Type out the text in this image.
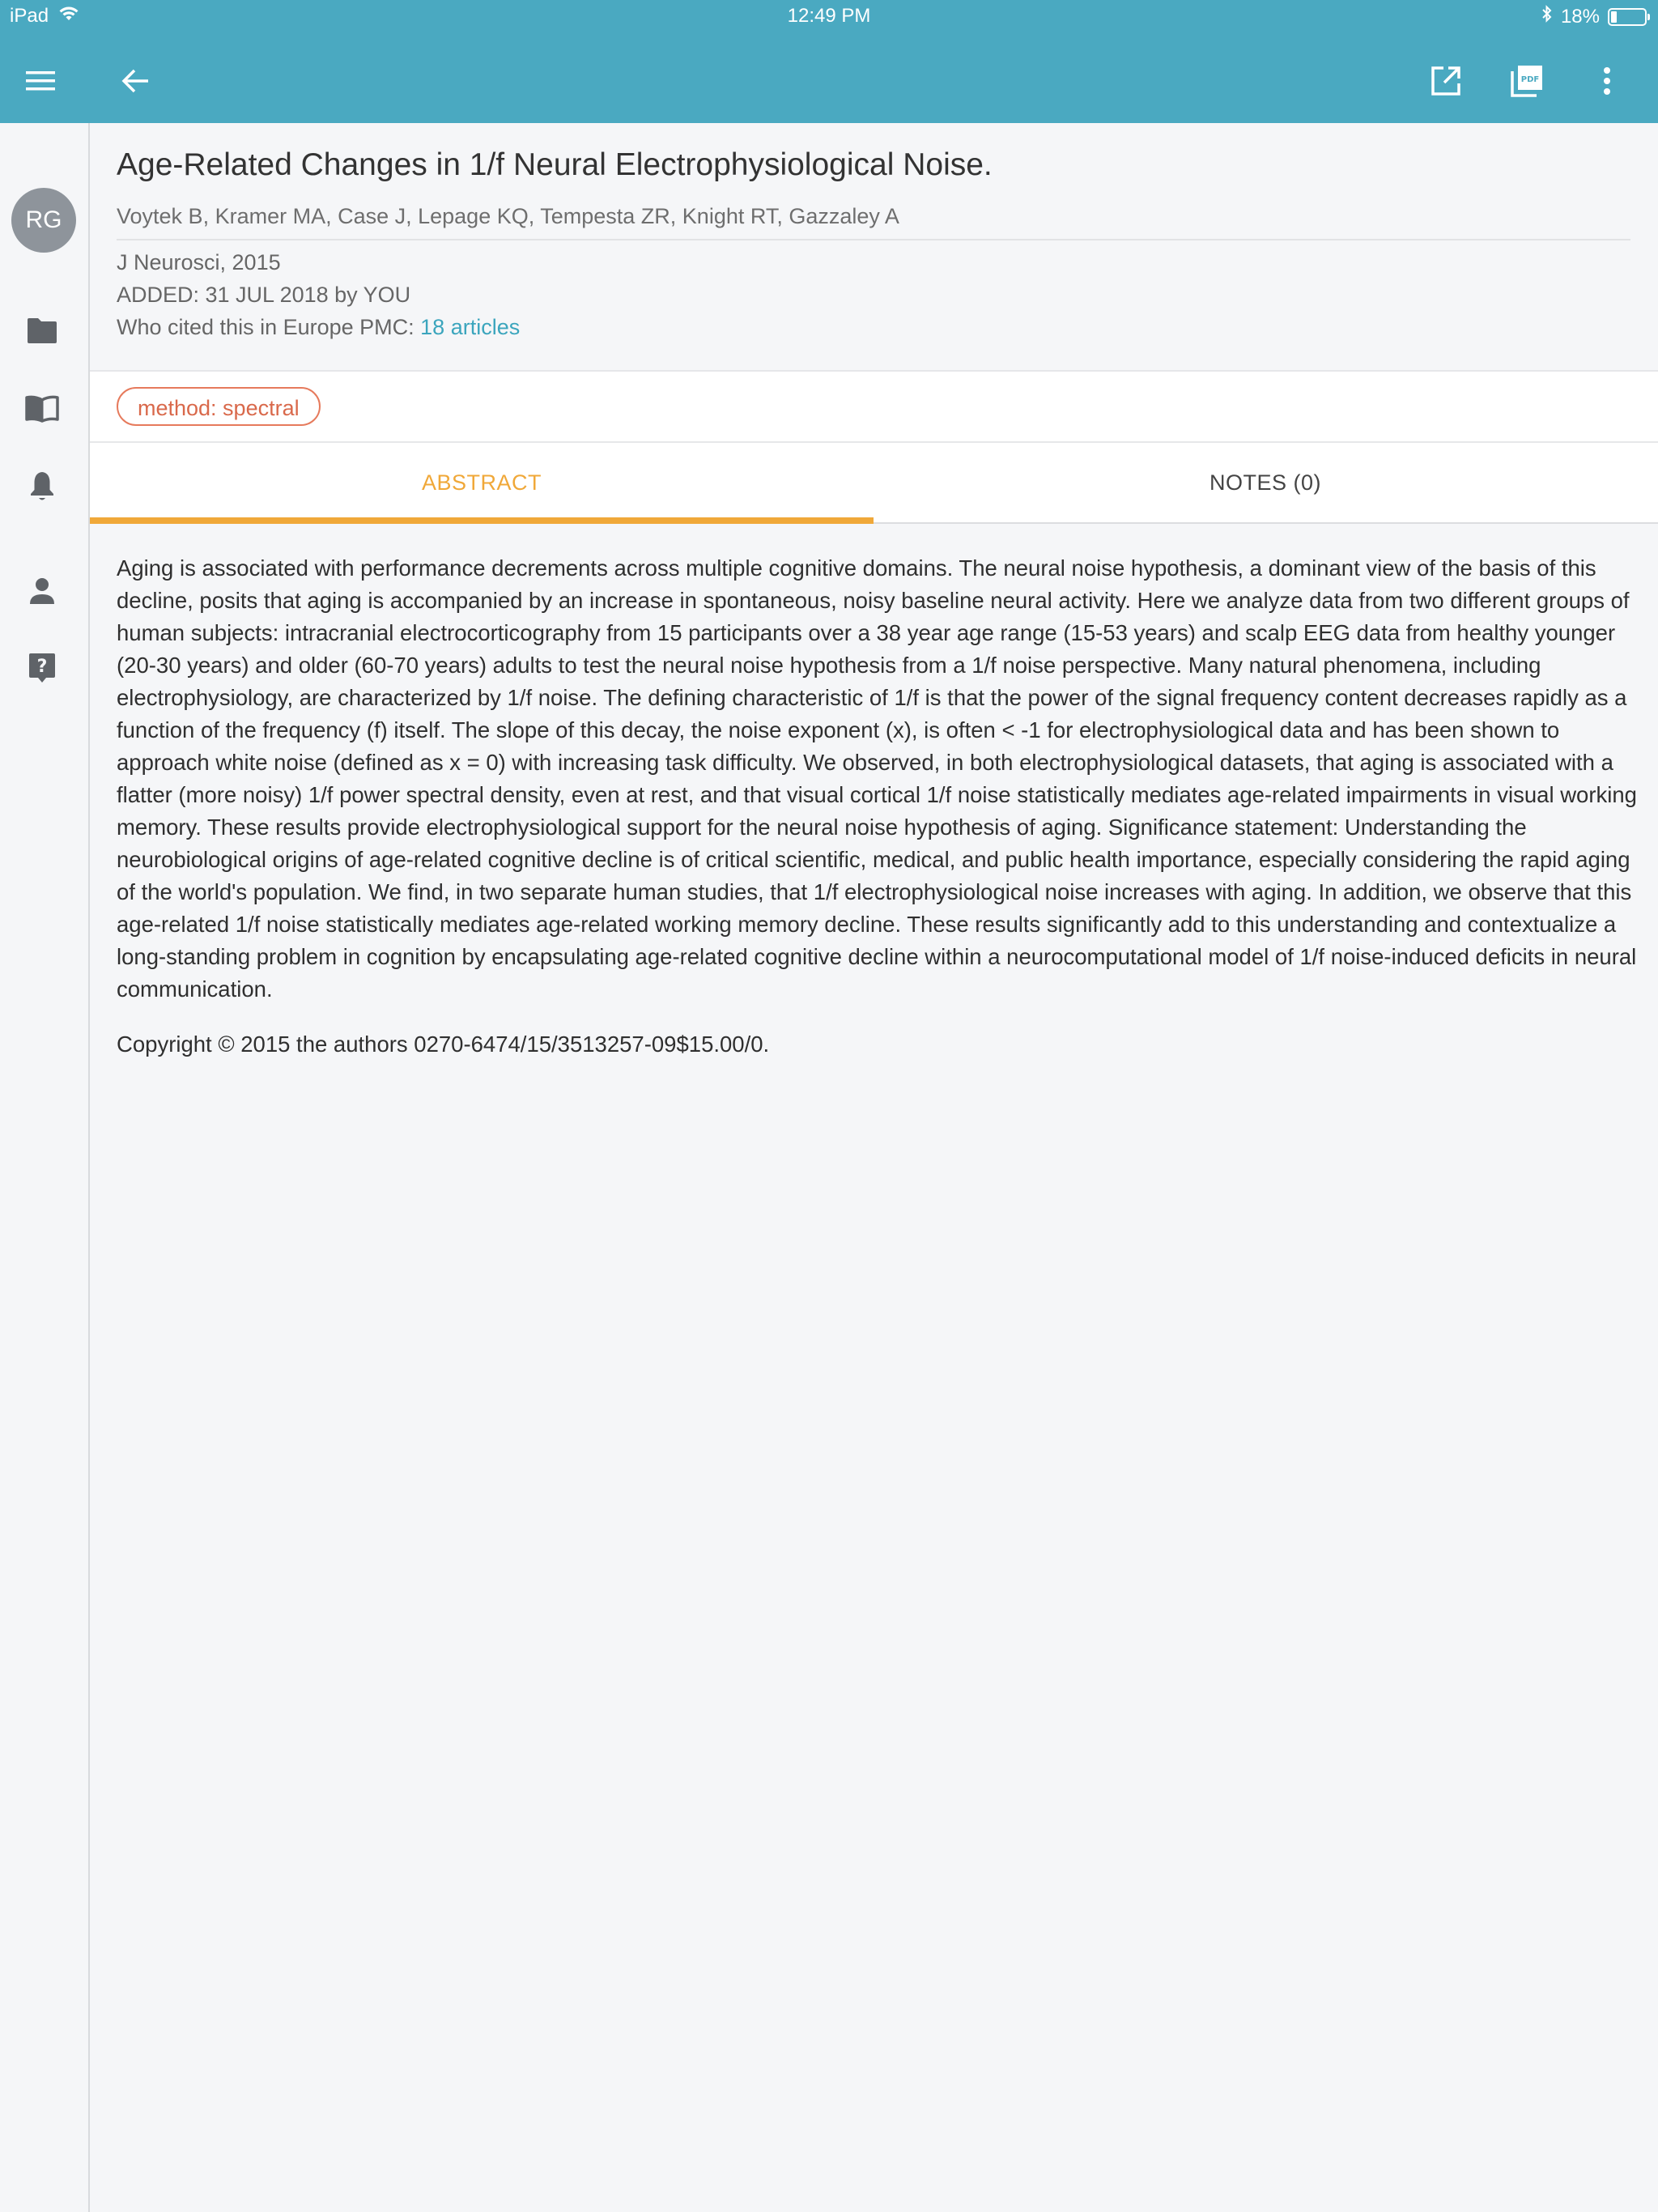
iPad	12:49 PM	18%
PDF
RG
?
Age-Related Changes in 1/f Neural Electrophysiological Noise.
Voytek B, Kramer MA, Case J, Lepage KQ, Tempesta ZR, Knight RT, Gazzaley A
J Neurosci, 2015
ADDED: 31 JUL 2018 by YOU
Who cited this in Europe PMC: 18 articles
method: spectral
ABSTRACT	NOTES (0)
Aging is associated with performance decrements across multiple cognitive domains. The neural noise hypothesis, a dominant view of the basis of this decline, posits that aging is accompanied by an increase in spontaneous, noisy baseline neural activity. Here we analyze data from two different groups of human subjects: intracranial electrocorticography from 15 participants over a 38 year age range (15-53 years) and scalp EEG data from healthy younger (20-30 years) and older (60-70 years) adults to test the neural noise hypothesis from a 1/f noise perspective. Many natural phenomena, including electrophysiology, are characterized by 1/f noise. The defining characteristic of 1/f is that the power of the signal frequency content decreases rapidly as a function of the frequency (f) itself. The slope of this decay, the noise exponent (x), is often < -1 for electrophysiological data and has been shown to approach white noise (defined as x = 0) with increasing task difficulty. We observed, in both electrophysiological datasets, that aging is associated with a flatter (more noisy) 1/f power spectral density, even at rest, and that visual cortical 1/f noise statistically mediates age-related impairments in visual working memory. These results provide electrophysiological support for the neural noise hypothesis of aging. Significance statement: Understanding the neurobiological origins of age-related cognitive decline is of critical scientific, medical, and public health importance, especially considering the rapid aging of the world's population. We find, in two separate human studies, that 1/f electrophysiological noise increases with aging. In addition, we observe that this age-related 1/f noise statistically mediates age-related working memory decline. These results significantly add to this understanding and contextualize a long-standing problem in cognition by encapsulating age-related cognitive decline within a neurocomputational model of 1/f noise-induced deficits in neural communication.
Copyright © 2015 the authors 0270-6474/15/3513257-09$15.00/0.
